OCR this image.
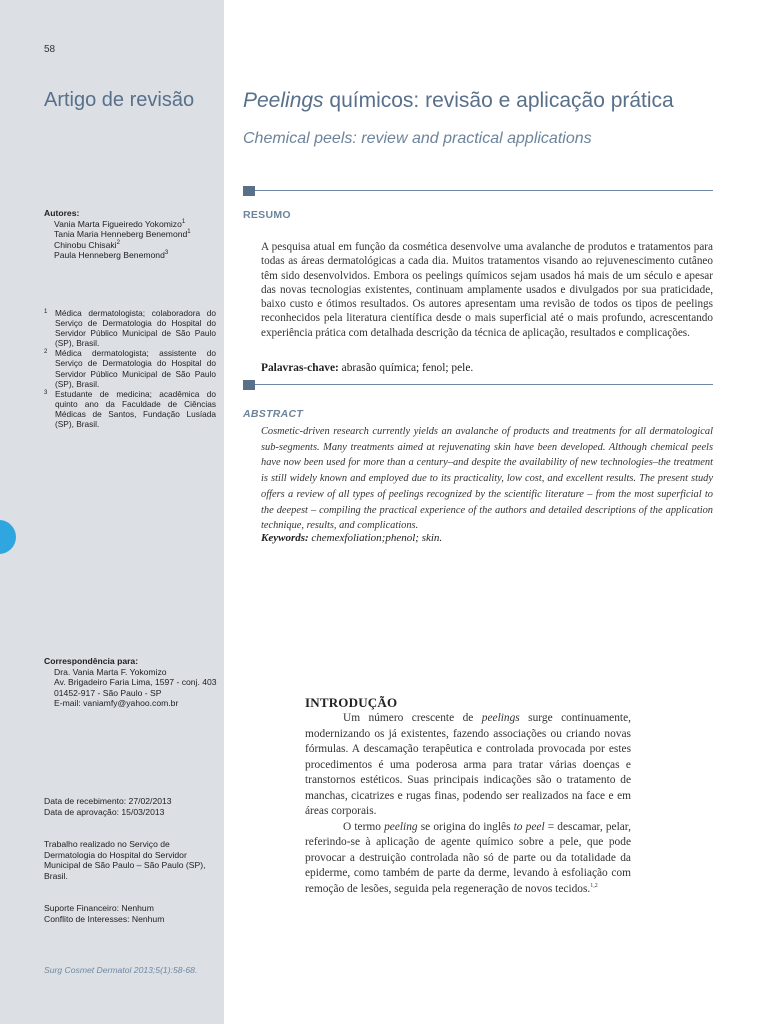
58
Artigo de revisão
Autores:
Vania Marta Figueiredo Yokomizo$^1$
Tania Maria Henneberg Benemond$^1$
Chinobu Chisaki$^2$
Paula Henneberg Benemond$^3$
1 Médica dermatologista; colaboradora do Serviço de Dermatologia do Hospital do Servidor Público Municipal de São Paulo (SP), Brasil.
2 Médica dermatologista; assistente do Serviço de Dermatologia do Hospital do Servidor Público Municipal de São Paulo (SP), Brasil.
3 Estudante de medicina; acadêmica do quinto ano da Faculdade de Ciências Médicas de Santos, Fundação Lusíada (SP), Brasil.
Correspondência para:
Dra. Vania Marta F. Yokomizo
Av. Brigadeiro Faria Lima, 1597 - conj. 403
01452-917 - São Paulo - SP
E-mail: vaniamfy@yahoo.com.br
Data de recebimento: 27/02/2013
Data de aprovação: 15/03/2013
Trabalho realizado no Serviço de Dermatologia do Hospital do Servidor Municipal de São Paulo – São Paulo (SP), Brasil.
Suporte Financeiro: Nenhum
Conflito de Interesses: Nenhum
Surg Cosmet Dermatol 2013;5(1):58-68.
Peelings químicos: revisão e aplicação prática
Chemical peels: review and practical applications
RESUMO
A pesquisa atual em função da cosmética desenvolve uma avalanche de produtos e tratamentos para todas as áreas dermatológicas a cada dia. Muitos tratamentos visando ao rejuvenescimento cutâneo têm sido desenvolvidos. Embora os peelings químicos sejam usados há mais de um século e apesar das novas tecnologias existentes, continuam amplamente usados e divulgados por sua praticidade, baixo custo e ótimos resultados. Os autores apresentam uma revisão de todos os tipos de peelings reconhecidos pela literatura científica desde o mais superficial até o mais profundo, acrescentando experiência prática com detalhada descrição da técnica de aplicação, resultados e complicações.
Palavras-chave: abrasão química; fenol; pele.
ABSTRACT
Cosmetic-driven research currently yields an avalanche of products and treatments for all dermatological sub-segments. Many treatments aimed at rejuvenating skin have been developed. Although chemical peels have now been used for more than a century–and despite the availability of new technologies–the treatment is still widely known and employed due to its practicality, low cost, and excellent results. The present study offers a review of all types of peelings recognized by the scientific literature – from the most superficial to the deepest – compiling the practical experience of the authors and detailed descriptions of the application technique, results, and complications.
Keywords: chemexfoliation;phenol; skin.
INTRODUÇÃO

Um número crescente de peelings surge continuamente, modernizando os já existentes, fazendo associações ou criando novas fórmulas. A descamação terapêutica e controlada provocada por estes procedimentos é uma poderosa arma para tratar várias doenças e transtornos estéticos. Suas principais indicações são o tratamento de manchas, cicatrizes e rugas finas, podendo ser realizados na face e em áreas corporais.

O termo peeling se origina do inglês to peel = descamar, pelar, referindo-se à aplicação de agente químico sobre a pele, que pode provocar a destruição controlada não só de parte ou da totalidade da epiderme, como também de parte da derme, levando à esfoliação com remoção de lesões, seguida pela regeneração de novos tecidos.$^{1,2}$
